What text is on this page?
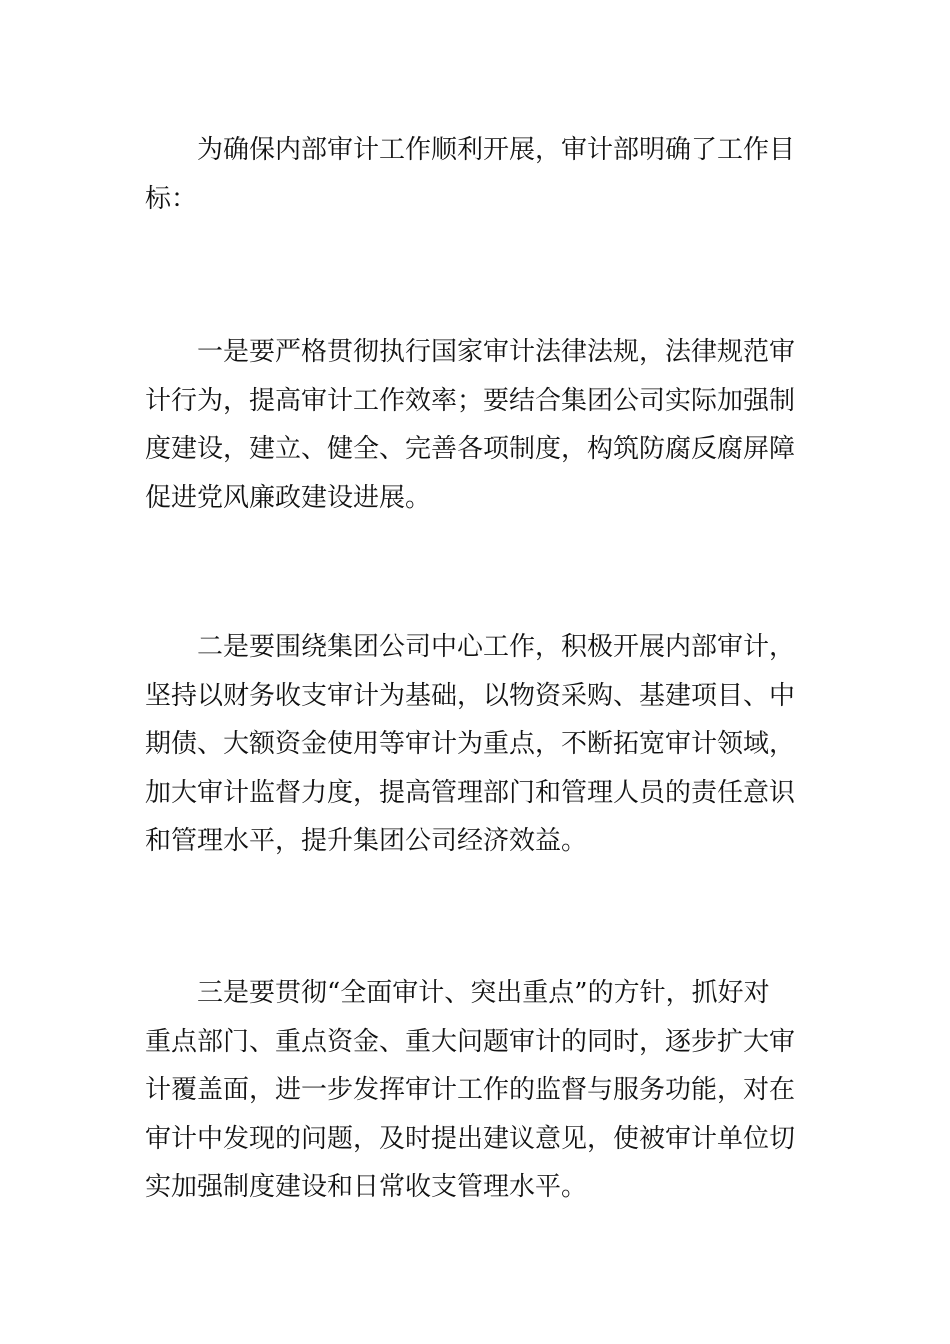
为确保内部审计工作顺利开展，审计部明确了工作目
标：

一是要严格贯彻执行国家审计法律法规，法律规范审
计行为，提高审计工作效率；要结合集团公司实际加强制
度建设，建立、健全、完善各项制度，构筑防腐反腐屏障
促进党风廉政建设进展。

二是要围绕集团公司中心工作，积极开展内部审计，
坚持以财务收支审计为基础，以物资采购、基建项目、中
期债、大额资金使用等审计为重点，不断拓宽审计领域，
加大审计监督力度，提高管理部门和管理人员的责任意识
和管理水平，提升集团公司经济效益。

三是要贯彻“全面审计、突出重点”的方针，抓好对
重点部门、重点资金、重大问题审计的同时，逐步扩大审
计覆盖面，进一步发挥审计工作的监督与服务功能，对在
审计中发现的问题，及时提出建议意见，使被审计单位切
实加强制度建设和日常收支管理水平。
